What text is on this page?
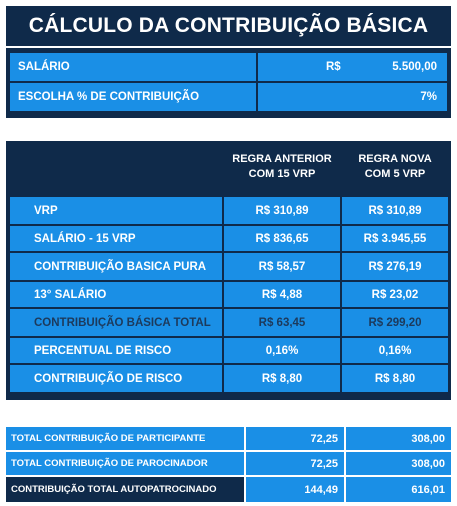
CÁLCULO DA CONTRIBUIÇÃO BÁSICA
SALÁRIO	R$	5.500,00
ESCOLHA % DE CONTRIBUIÇÃO	7%
REGRA ANTERIOR
COM 15 VRP
REGRA NOVA
COM 5 VRP
VRP	R$ 310,89	R$ 310,89
SALÁRIO - 15 VRP	R$ 836,65	R$ 3.945,55
CONTRIBUIÇÃO BASICA PURA	R$ 58,57	R$ 276,19
13° SALÁRIO	R$ 4,88	R$ 23,02
CONTRIBUIÇÃO BÁSICA TOTAL	R$ 63,45	R$ 299,20
PERCENTUAL DE RISCO	0,16%	0,16%
CONTRIBUIÇÃO DE RISCO	R$ 8,80	R$ 8,80
TOTAL CONTRIBUIÇÃO DE PARTICIPANTE	72,25	308,00
TOTAL CONTRIBUIÇÃO DE PAROCINADOR	72,25	308,00
CONTRIBUIÇÃO TOTAL AUTOPATROCINADO	144,49	616,01
